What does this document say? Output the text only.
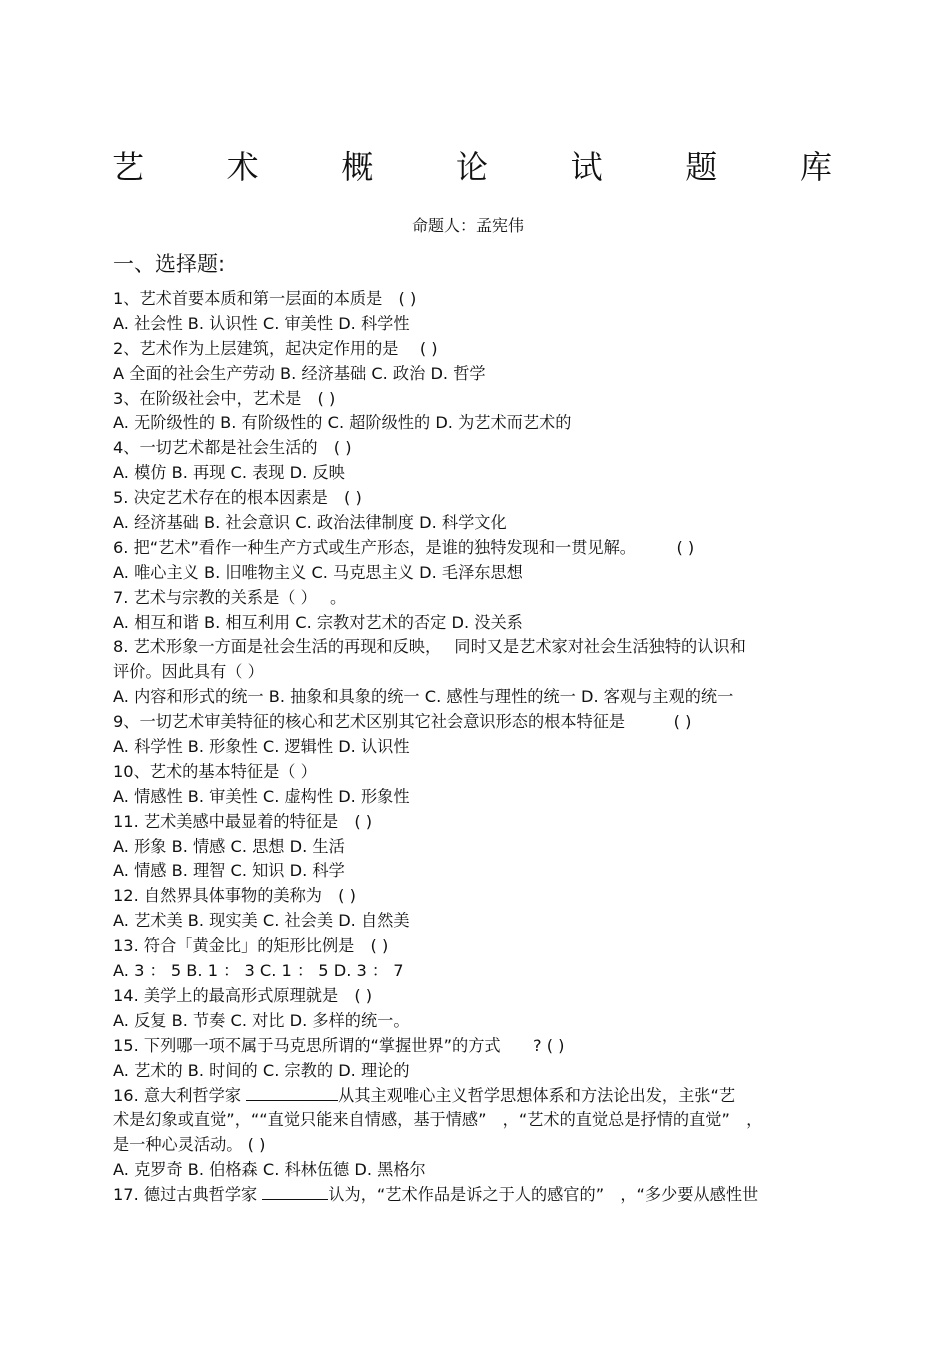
艺	术	概	论	试	题	库
命题人：孟宪伟
一、选择题:
1、艺术首要本质和第一层面的本质是　( )
A. 社会性 B. 认识性 C. 审美性 D. 科学性
2、艺术作为上层建筑，起决定作用的是　 ( )
A 全面的社会生产劳动 B. 经济基础 C. 政治 D. 哲学
3、在阶级社会中，艺术是　( )
A. 无阶级性的 B. 有阶级性的 C. 超阶级性的 D. 为艺术而艺术的
4、一切艺术都是社会生活的　( )
A. 模仿 B. 再现 C. 表现 D. 反映
5. 决定艺术存在的根本因素是　( )
A. 经济基础 B. 社会意识 C. 政治法律制度 D. 科学文化
6. 把“艺术”看作一种生产方式或生产形态，是谁的独特发现和一贯见解。　　　( )
A. 唯心主义 B. 旧唯物主义 C. 马克思主义 D. 毛泽东思想
7. 艺术与宗教的关系是（ ）　 。
A. 相互和谐 B. 相互利用 C. 宗教对艺术的否定 D. 没关系
8. 艺术形象一方面是社会生活的再现和反映，　 同时又是艺术家对社会生活独特的认识和
评价。因此具有（ ）
A. 内容和形式的统一 B. 抽象和具象的统一 C. 感性与理性的统一 D. 客观与主观的统一
9、一切艺术审美特征的核心和艺术区别其它社会意识形态的根本特征是　　　( )
A. 科学性 B. 形象性 C. 逻辑性 D. 认识性
10、艺术的基本特征是（ ）
A. 情感性 B. 审美性 C. 虚构性 D. 形象性
11. 艺术美感中最显着的特征是　( )
A. 形象 B. 情感 C. 思想 D. 生活
A. 情感 B. 理智 C. 知识 D. 科学
12. 自然界具体事物的美称为　( )
A. 艺术美 B. 现实美 C. 社会美 D. 自然美
13. 符合「黄金比」的矩形比例是　( )
A. 3 ： 5 B. 1 ： 3 C. 1 ： 5 D. 3 ： 7
14. 美学上的最高形式原理就是　( )
A. 反复 B. 节奏 C. 对比 D. 多样的统一。
15. 下列哪一项不属于马克思所谓的“掌握世界”的方式　　? ( )
A. 艺术的 B. 时间的 C. 宗教的 D. 理论的
16. 意大利哲学家	从其主观唯心主义哲学思想体系和方法论出发，主张“艺
术是幻象或直觉”，““直觉只能来自情感，基于情感”　，“艺术的直觉总是抒情的直觉”　，
是一种心灵活动。 ( )
A. 克罗奇 B. 伯格森 C. 科林伍德 D. 黑格尔
17. 德过古典哲学家	认为，“艺术作品是诉之于人的感官的”　，“多少要从感性世
